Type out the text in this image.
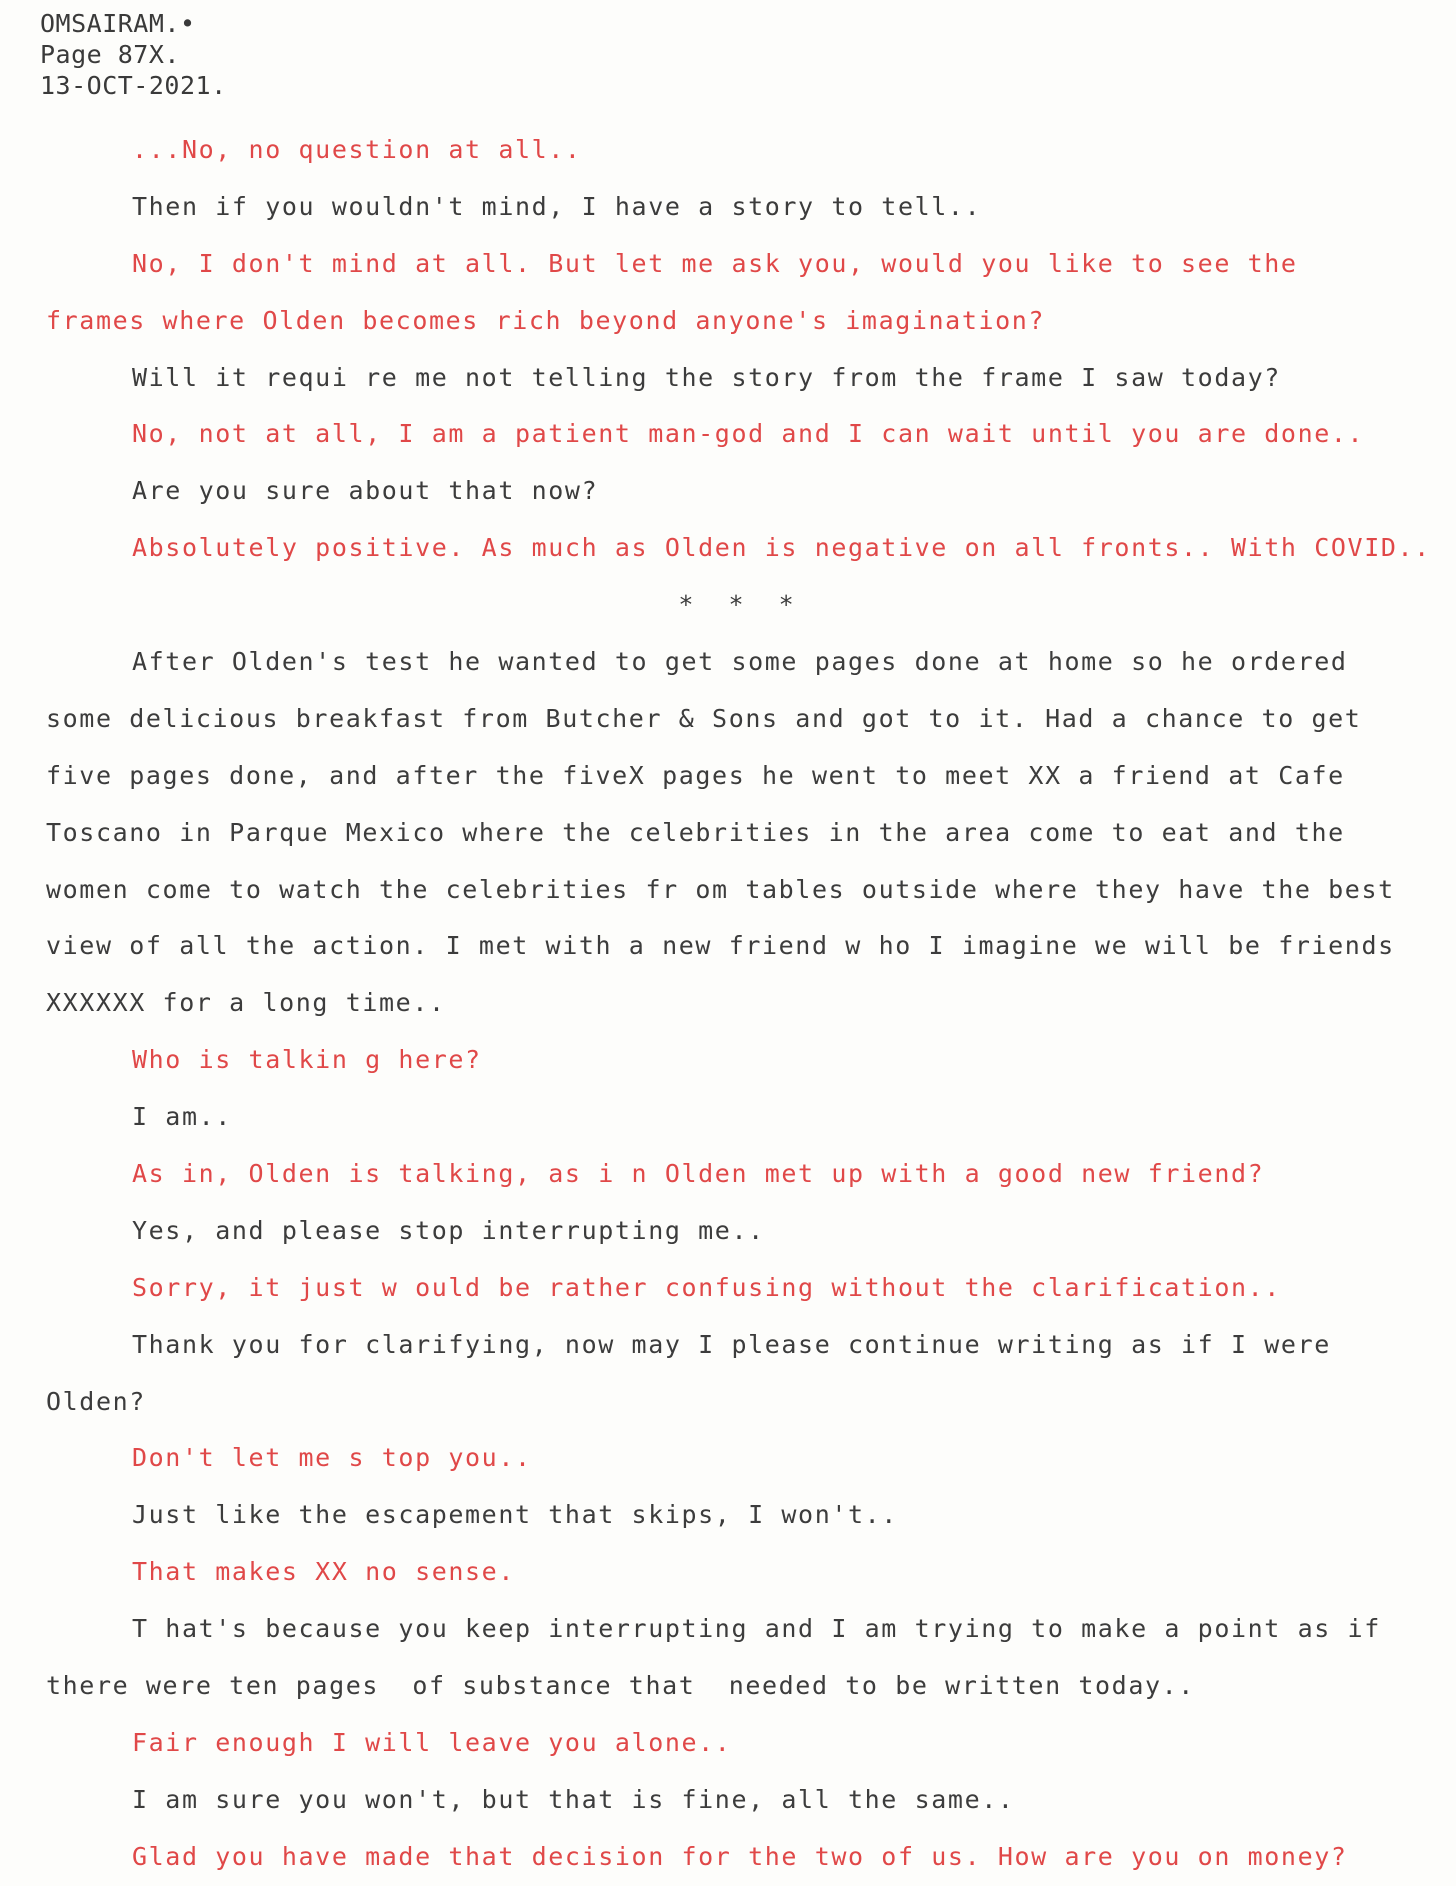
OMSAIRAM.•
Page 87X.
13-OCT-2021.
...No, no question at all..
Then if you wouldn't mind, I have a story to tell..
No, I don't mind at all. But let me ask you, would you like to see the
frames where Olden becomes rich beyond anyone's imagination?
Will it requi re me not telling the story from the frame I saw today?
No, not at all, I am a patient man-god and I can wait until you are done..
Are you sure about that now?
Absolutely positive. As much as Olden is negative on all fronts.. With COVID..
* * *
After Olden's test he wanted to get some pages done at home so he ordered
some delicious breakfast from Butcher & Sons and got to it. Had a chance to get
five pages done, and after the fiveX pages he went to meet XX a friend at Cafe
Toscano in Parque Mexico where the celebrities in the area come to eat and the
women come to watch the celebrities fr om tables outside where they have the best
view of all the action. I met with a new friend w ho I imagine we will be friends
XXXXXX for a long time..
Who is talkin g here?
I am..
As in, Olden is talking, as i n Olden met up with a good new friend?
Yes, and please stop interrupting me..
Sorry, it just w ould be rather confusing without the clarification..
Thank you for clarifying, now may I please continue writing as if I were
Olden?
Don't let me s top you..
Just like the escapement that skips, I won't..
That makes XX no sense.
T hat's because you keep interrupting and I am trying to make a point as if
there were ten pages  of substance that  needed to be written today..
Fair enough I will leave you alone..
I am sure you won't, but that is fine, all the same..
Glad you have made that decision for the two of us. How are you on money?
